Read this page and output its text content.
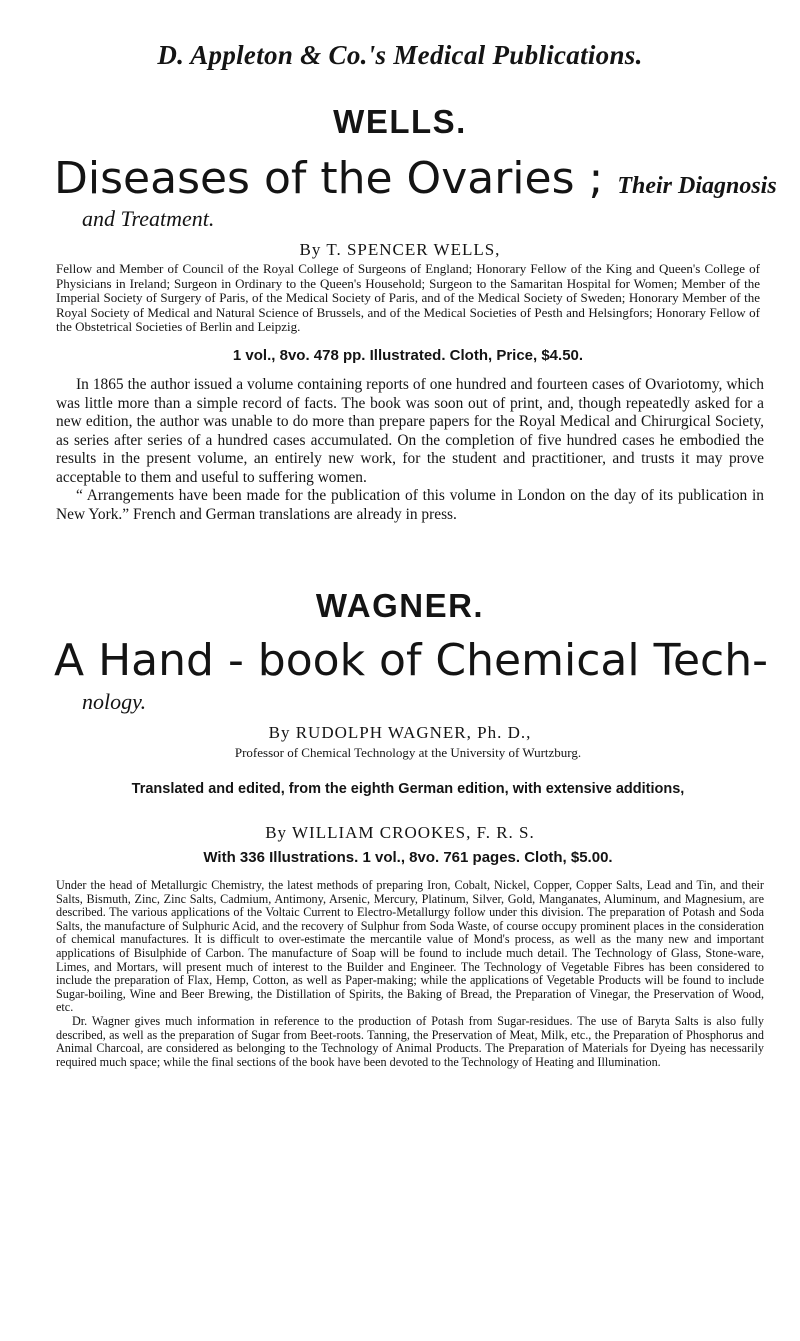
D. Appleton & Co.'s Medical Publications.
WELLS.
Diseases of the Ovaries ; Their Diagnosis
and Treatment.
By T. SPENCER WELLS,
Fellow and Member of Council of the Royal College of Surgeons of England; Honorary Fellow of the King and Queen's College of Physicians in Ireland; Surgeon in Ordinary to the Queen's Household; Surgeon to the Samaritan Hospital for Women; Member of the Imperial Society of Surgery of Paris, of the Medical Society of Paris, and of the Medical Society of Sweden; Honorary Member of the Royal Society of Medical and Natural Science of Brussels, and of the Medical Societies of Pesth and Helsingfors; Honorary Fellow of the Obstetrical Societies of Berlin and Leipzig.
1 vol., 8vo. 478 pp. Illustrated. Cloth, Price, $4.50.

In 1865 the author issued a volume containing reports of one hundred and fourteen cases of Ovariotomy, which was little more than a simple record of facts. The book was soon out of print, and, though repeatedly asked for a new edition, the author was unable to do more than prepare papers for the Royal Medical and Chirurgical Society, as series after series of a hundred cases accumulated. On the completion of five hundred cases he embodied the results in the present volume, an entirely new work, for the student and practitioner, and trusts it may prove acceptable to them and useful to suffering women.

“ Arrangements have been made for the publication of this volume in London on the day of its publication in New York.” French and German translations are already in press.

WAGNER.
A Hand - book of Chemical Tech-
nology.
By RUDOLPH WAGNER, Ph. D.,
Professor of Chemical Technology at the University of Wurtzburg.
Translated and edited, from the eighth German edition, with extensive additions,
By WILLIAM CROOKES, F. R. S.
With 336 Illustrations. 1 vol., 8vo. 761 pages. Cloth, $5.00.

Under the head of Metallurgic Chemistry, the latest methods of preparing Iron, Cobalt, Nickel, Copper, Copper Salts, Lead and Tin, and their Salts, Bismuth, Zinc, Zinc Salts, Cadmium, Antimony, Arsenic, Mercury, Platinum, Silver, Gold, Manganates, Aluminum, and Magnesium, are described. The various applications of the Voltaic Current to Electro-Metallurgy follow under this division. The preparation of Potash and Soda Salts, the manufacture of Sulphuric Acid, and the recovery of Sulphur from Soda Waste, of course occupy prominent places in the consideration of chemical manufactures. It is difficult to over-estimate the mercantile value of Mond's process, as well as the many new and important applications of Bisulphide of Carbon. The manufacture of Soap will be found to include much detail. The Technology of Glass, Stone-ware, Limes, and Mortars, will present much of interest to the Builder and Engineer. The Technology of Vegetable Fibres has been considered to include the preparation of Flax, Hemp, Cotton, as well as Paper-making; while the applications of Vegetable Products will be found to include Sugar-boiling, Wine and Beer Brewing, the Distillation of Spirits, the Baking of Bread, the Preparation of Vinegar, the Preservation of Wood, etc.

Dr. Wagner gives much information in reference to the production of Potash from Sugar-residues. The use of Baryta Salts is also fully described, as well as the preparation of Sugar from Beet-roots. Tanning, the Preservation of Meat, Milk, etc., the Preparation of Phosphorus and Animal Charcoal, are considered as belonging to the Technology of Animal Products. The Preparation of Materials for Dyeing has necessarily required much space; while the final sections of the book have been devoted to the Technology of Heating and Illumination.
